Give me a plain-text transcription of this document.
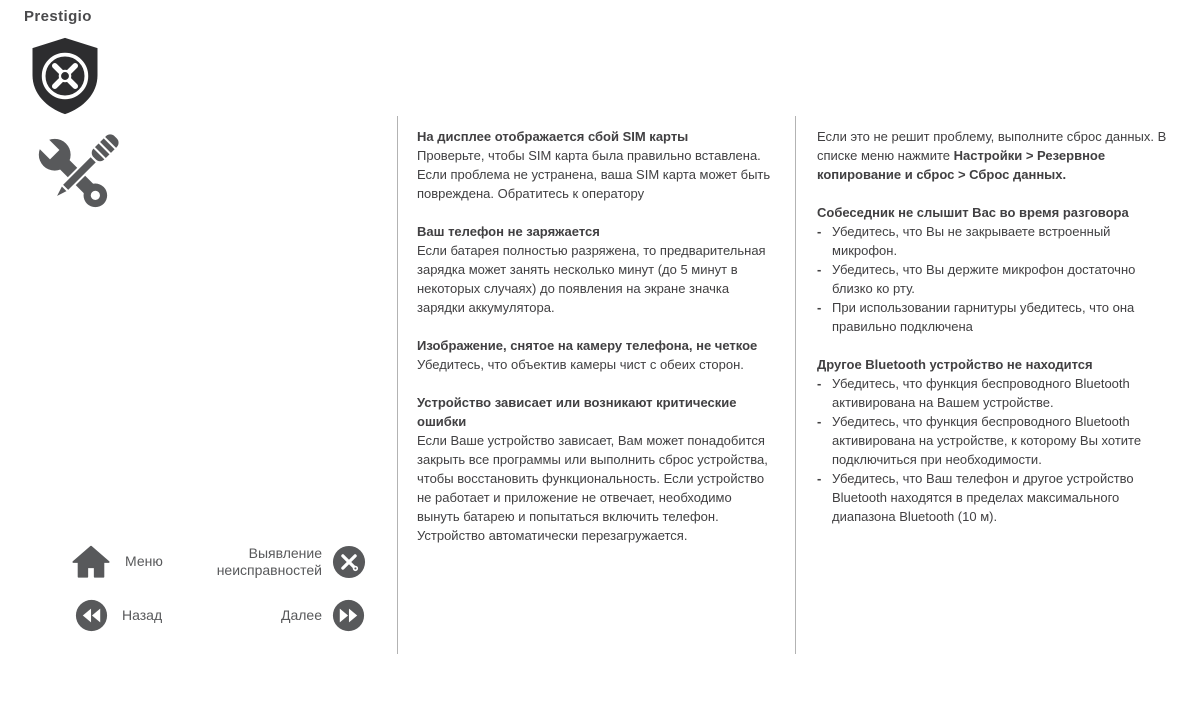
Prestigio
На дисплее отображается сбой SIM карты

Проверьте, чтобы SIM карта была правильно вставлена. Если проблема не устранена, ваша SIM карта может быть повреждена. Обратитесь к оператору

Ваш телефон не заряжается

Если батарея полностью разряжена, то предварительная зарядка может занять несколько минут (до 5 минут в некоторых случаях) до появления на экране значка зарядки аккумулятора.

Изображение, снятое на камеру телефона, не четкое

Убедитесь, что объектив камеры чист с обеих сторон.

Устройство зависает или возникают критические ошибки

Если Ваше устройство зависает, Вам может понадобится закрыть все программы или выполнить сброс устройства, чтобы восстановить функциональность. Если устройство не работает и приложение не отвечает, необходимо вынуть батарею и попытаться включить телефон. Устройство автоматически перезагружается.

Если это не решит проблему, выполните сброс данных. В списке меню нажмите Настройки > Резервное копирование и сброс > Сброс данных.

Собеседник не слышит Вас во время разговора
- Убедитесь, что Вы не закрываете встроенный микрофон.
- Убедитесь, что Вы держите микрофон достаточно близко ко рту.
- При использовании гарнитуры убедитесь, что она правильно подключена
Другое Bluetooth устройство не находится
- Убедитесь, что функция беспроводного Bluetooth активирована на Вашем устройстве.
- Убедитесь, что функция беспроводного Bluetooth активирована на устройстве, к которому Вы хотите подключиться при необходимости.
- Убедитесь, что Ваш телефон и другое устройство Bluetooth находятся в пределах максимального диапазона Bluetooth (10 м).
Меню
Назад
Выявление неисправностей
Далее
